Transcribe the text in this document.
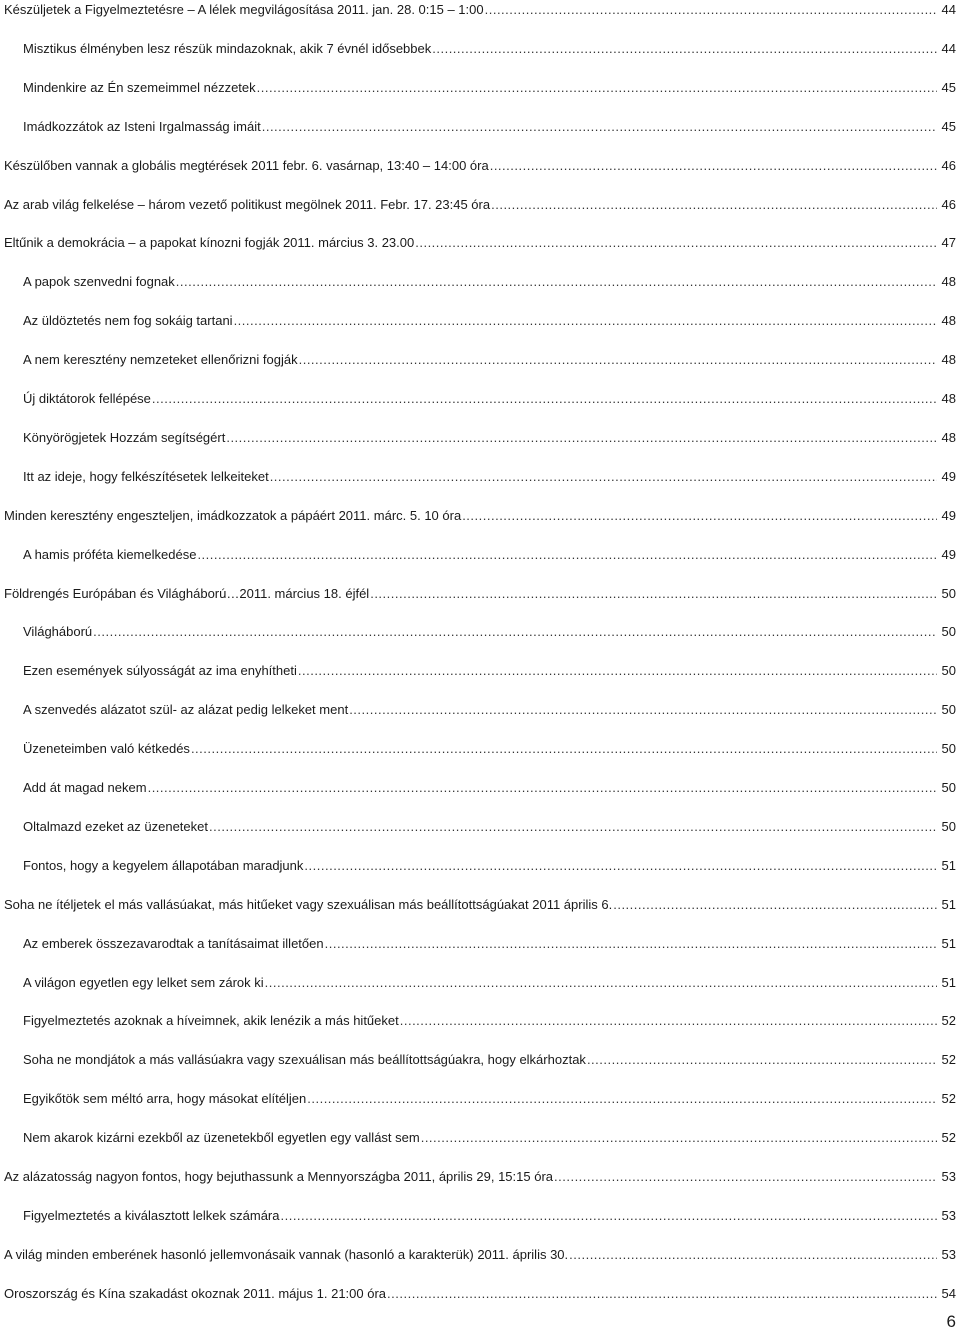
Készüljetek a Figyelmeztetésre – A lélek megvilágosítása 2011. jan. 28. 0:15 – 1:00 .....	44
Misztikus élményben lesz részük mindazoknak, akik 7 évnél idősebbek .....	44
Mindenkire az Én szemeimmel nézzetek .....	45
Imádkozzátok az Isteni Irgalmasság imáit .....	45
Készülőben vannak a globális megtérések 2011 febr. 6. vasárnap, 13:40 – 14:00 óra .....	46
Az arab világ felkelése – három vezető politikust megölnek 2011. Febr. 17. 23:45 óra .....	46
Eltűnik a demokrácia – a papokat kínozni fogják 2011. március 3. 23.00 .....	47
A papok szenvedni fognak .....	48
Az üldöztetés nem fog sokáig tartani .....	48
A nem keresztény nemzeteket ellenőrizni fogják .....	48
Új diktátorok fellépése .....	48
Könyörögjetek Hozzám segítségért .....	48
Itt az ideje, hogy felkészítésetek lelkeiteket .....	49
Minden keresztény engeszteljen, imádkozzatok a pápáért 2011. márc. 5. 10 óra .....	49
A hamis próféta kiemelkedése .....	49
Földrengés Európában és Világháború…2011. március 18. éjfél .....	50
Világháború .....	50
Ezen események súlyosságát az ima enyhítheti .....	50
A szenvedés alázatot szül- az alázat pedig lelkeket ment .....	50
Üzeneteimben való kétkedés .....	50
Add át magad nekem .....	50
Oltalmazd ezeket az üzeneteket .....	50
Fontos, hogy a kegyelem állapotában maradjunk .....	51
Soha ne ítéljetek el más vallásúakat, más hitűeket vagy szexuálisan más beállítottságúakat 2011 április 6. .....	51
Az emberek összezavarodtak a tanításaimat illetően .....	51
A világon egyetlen egy lelket sem zárok ki .....	51
Figyelmeztetés azoknak a híveimnek, akik lenézik a más hitűeket .....	52
Soha ne mondjátok a más vallásúakra vagy szexuálisan más beállítottságúakra, hogy elkárhoztak .....	52
Egyikőtök sem méltó arra, hogy másokat elítéljen .....	52
Nem akarok kizárni ezekből az üzenetekből egyetlen egy vallást sem .....	52
Az alázatosság nagyon fontos, hogy bejuthassunk a Mennyországba 2011, április 29, 15:15 óra .....	53
Figyelmeztetés a kiválasztott lelkek számára .....	53
A világ minden emberének hasonló jellemvonásaik vannak (hasonló a karakterük) 2011. április 30. .....	53
Oroszország és Kína szakadást okoznak 2011. május 1. 21:00 óra .....	54
6
